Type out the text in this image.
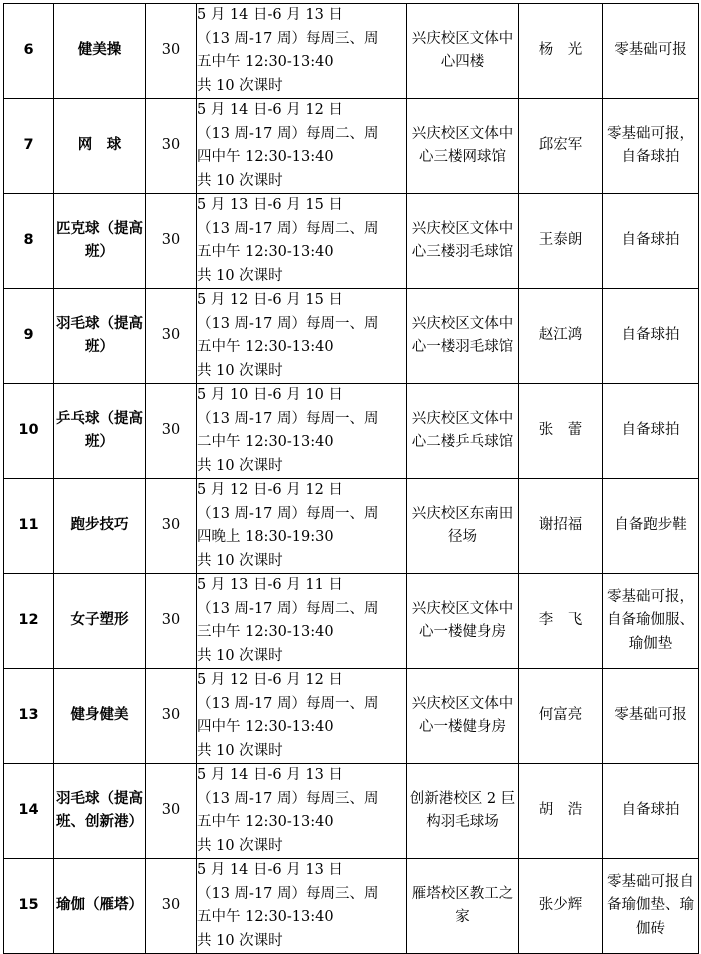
6	健美操	30	5 月 14 日-6 月 13 日
（13 周-17 周）每周三、周
五中午 12:30-13:40
共 10 次课时	兴庆校区文体中心四楼	杨　光	零基础可报
7	网　球	30	5 月 14 日-6 月 12 日
（13 周-17 周）每周二、周
四中午 12:30-13:40
共 10 次课时	兴庆校区文体中心三楼网球馆	邱宏军	零基础可报，自备球拍
8	匹克球（提高班）	30	5 月 13 日-6 月 15 日
（13 周-17 周）每周二、周
五中午 12:30-13:40
共 10 次课时	兴庆校区文体中心三楼羽毛球馆	王泰朗	自备球拍
9	羽毛球（提高班）	30	5 月 12 日-6 月 15 日
（13 周-17 周）每周一、周
五中午 12:30-13:40
共 10 次课时	兴庆校区文体中心一楼羽毛球馆	赵江鸿	自备球拍
10	乒乓球（提高班）	30	5 月 10 日-6 月 10 日
（13 周-17 周）每周一、周
二中午 12:30-13:40
共 10 次课时	兴庆校区文体中心二楼乒乓球馆	张　蕾	自备球拍
11	跑步技巧	30	5 月 12 日-6 月 12 日
（13 周-17 周）每周一、周
四晚上 18:30-19:30
共 10 次课时	兴庆校区东南田径场	谢招福	自备跑步鞋
12	女子塑形	30	5 月 13 日-6 月 11 日
（13 周-17 周）每周二、周
三中午 12:30-13:40
共 10 次课时	兴庆校区文体中心一楼健身房	李　飞	零基础可报，自备瑜伽服、瑜伽垫
13	健身健美	30	5 月 12 日-6 月 12 日
（13 周-17 周）每周一、周
四中午 12:30-13:40
共 10 次课时	兴庆校区文体中心一楼健身房	何富亮	零基础可报
14	羽毛球（提高班、创新港）	30	5 月 14 日-6 月 13 日
（13 周-17 周）每周三、周
五中午 12:30-13:40
共 10 次课时	创新港校区 2 巨构羽毛球场	胡　浩	自备球拍
15	瑜伽（雁塔）	30	5 月 14 日-6 月 13 日
（13 周-17 周）每周三、周
五中午 12:30-13:40
共 10 次课时	雁塔校区教工之家	张少辉	零基础可报自备瑜伽垫、瑜伽砖
